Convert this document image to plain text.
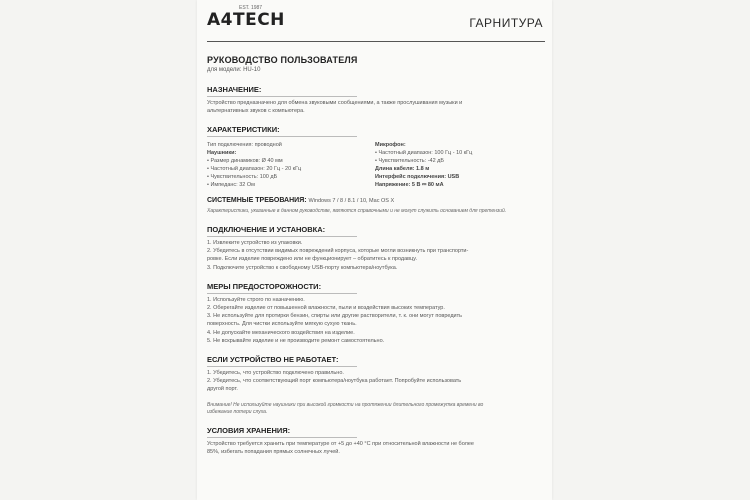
A4TECH
EST. 1987
ГАРНИТУРА
РУКОВОДСТВО ПОЛЬЗОВАТЕЛЯ
для модели: HU-10
НАЗНАЧЕНИЕ:
Устройство предназначено для обмена звуковыми сообщениями, а также прослушивания музыки и
альтернативных звуков с компьютера.
ХАРАКТЕРИСТИКИ:
Тип подключения: проводной
Наушники:
• Размер динамиков: Ø 40 мм
• Частотный диапазон: 20 Гц - 20 кГц
• Чувствительность: 100 дБ
• Импеданс: 32 Ом
Микрофон:
• Частотный диапазон: 100 Гц - 10 кГц
• Чувствительность: -42 дБ
Длина кабеля: 1.8 м
Интерфейс подключения: USB
Напряжение: 5 В ⎓ 80 мА
СИСТЕМНЫЕ ТРЕБОВАНИЯ: Windows 7 / 8 / 8.1 / 10, Mac OS X
Характеристики, указанные в данном руководстве, являются справочными и не могут служить основанием для претензий.
ПОДКЛЮЧЕНИЕ И УСТАНОВКА:
1. Извлеките устройство из упаковки.
2. Убедитесь в отсутствии видимых повреждений корпуса, которые могли возникнуть при транспорти-
ровке. Если изделие повреждено или не функционирует – обратитесь к продавцу.
3. Подключите устройство к свободному USB-порту компьютера/ноутбука.
МЕРЫ ПРЕДОСТОРОЖНОСТИ:
1. Используйте строго по назначению.
2. Оберегайте изделие от повышенной влажности, пыли и воздействия высоких температур.
3. Не используйте для протирки бензин, спирты или другие растворители, т. к. они могут повредить
поверхность. Для чистки используйте мягкую сухую ткань.
4. Не допускайте механического воздействия на изделие.
5. Не вскрывайте изделие и не производите ремонт самостоятельно.
ЕСЛИ УСТРОЙСТВО НЕ РАБОТАЕТ:
1. Убедитесь, что устройство подключено правильно.
2. Убедитесь, что соответствующий порт компьютера/ноутбука работает. Попробуйте использовать
другой порт.
Внимание! Не используйте наушники при высокой громкости на протяжении длительного промежутка времени во
избежание потери слуха.
УСЛОВИЯ ХРАНЕНИЯ:
Устройство требуется хранить при температуре от +5 до +40 °C при относительной влажности не более
85%, избегать попадания прямых солнечных лучей.
